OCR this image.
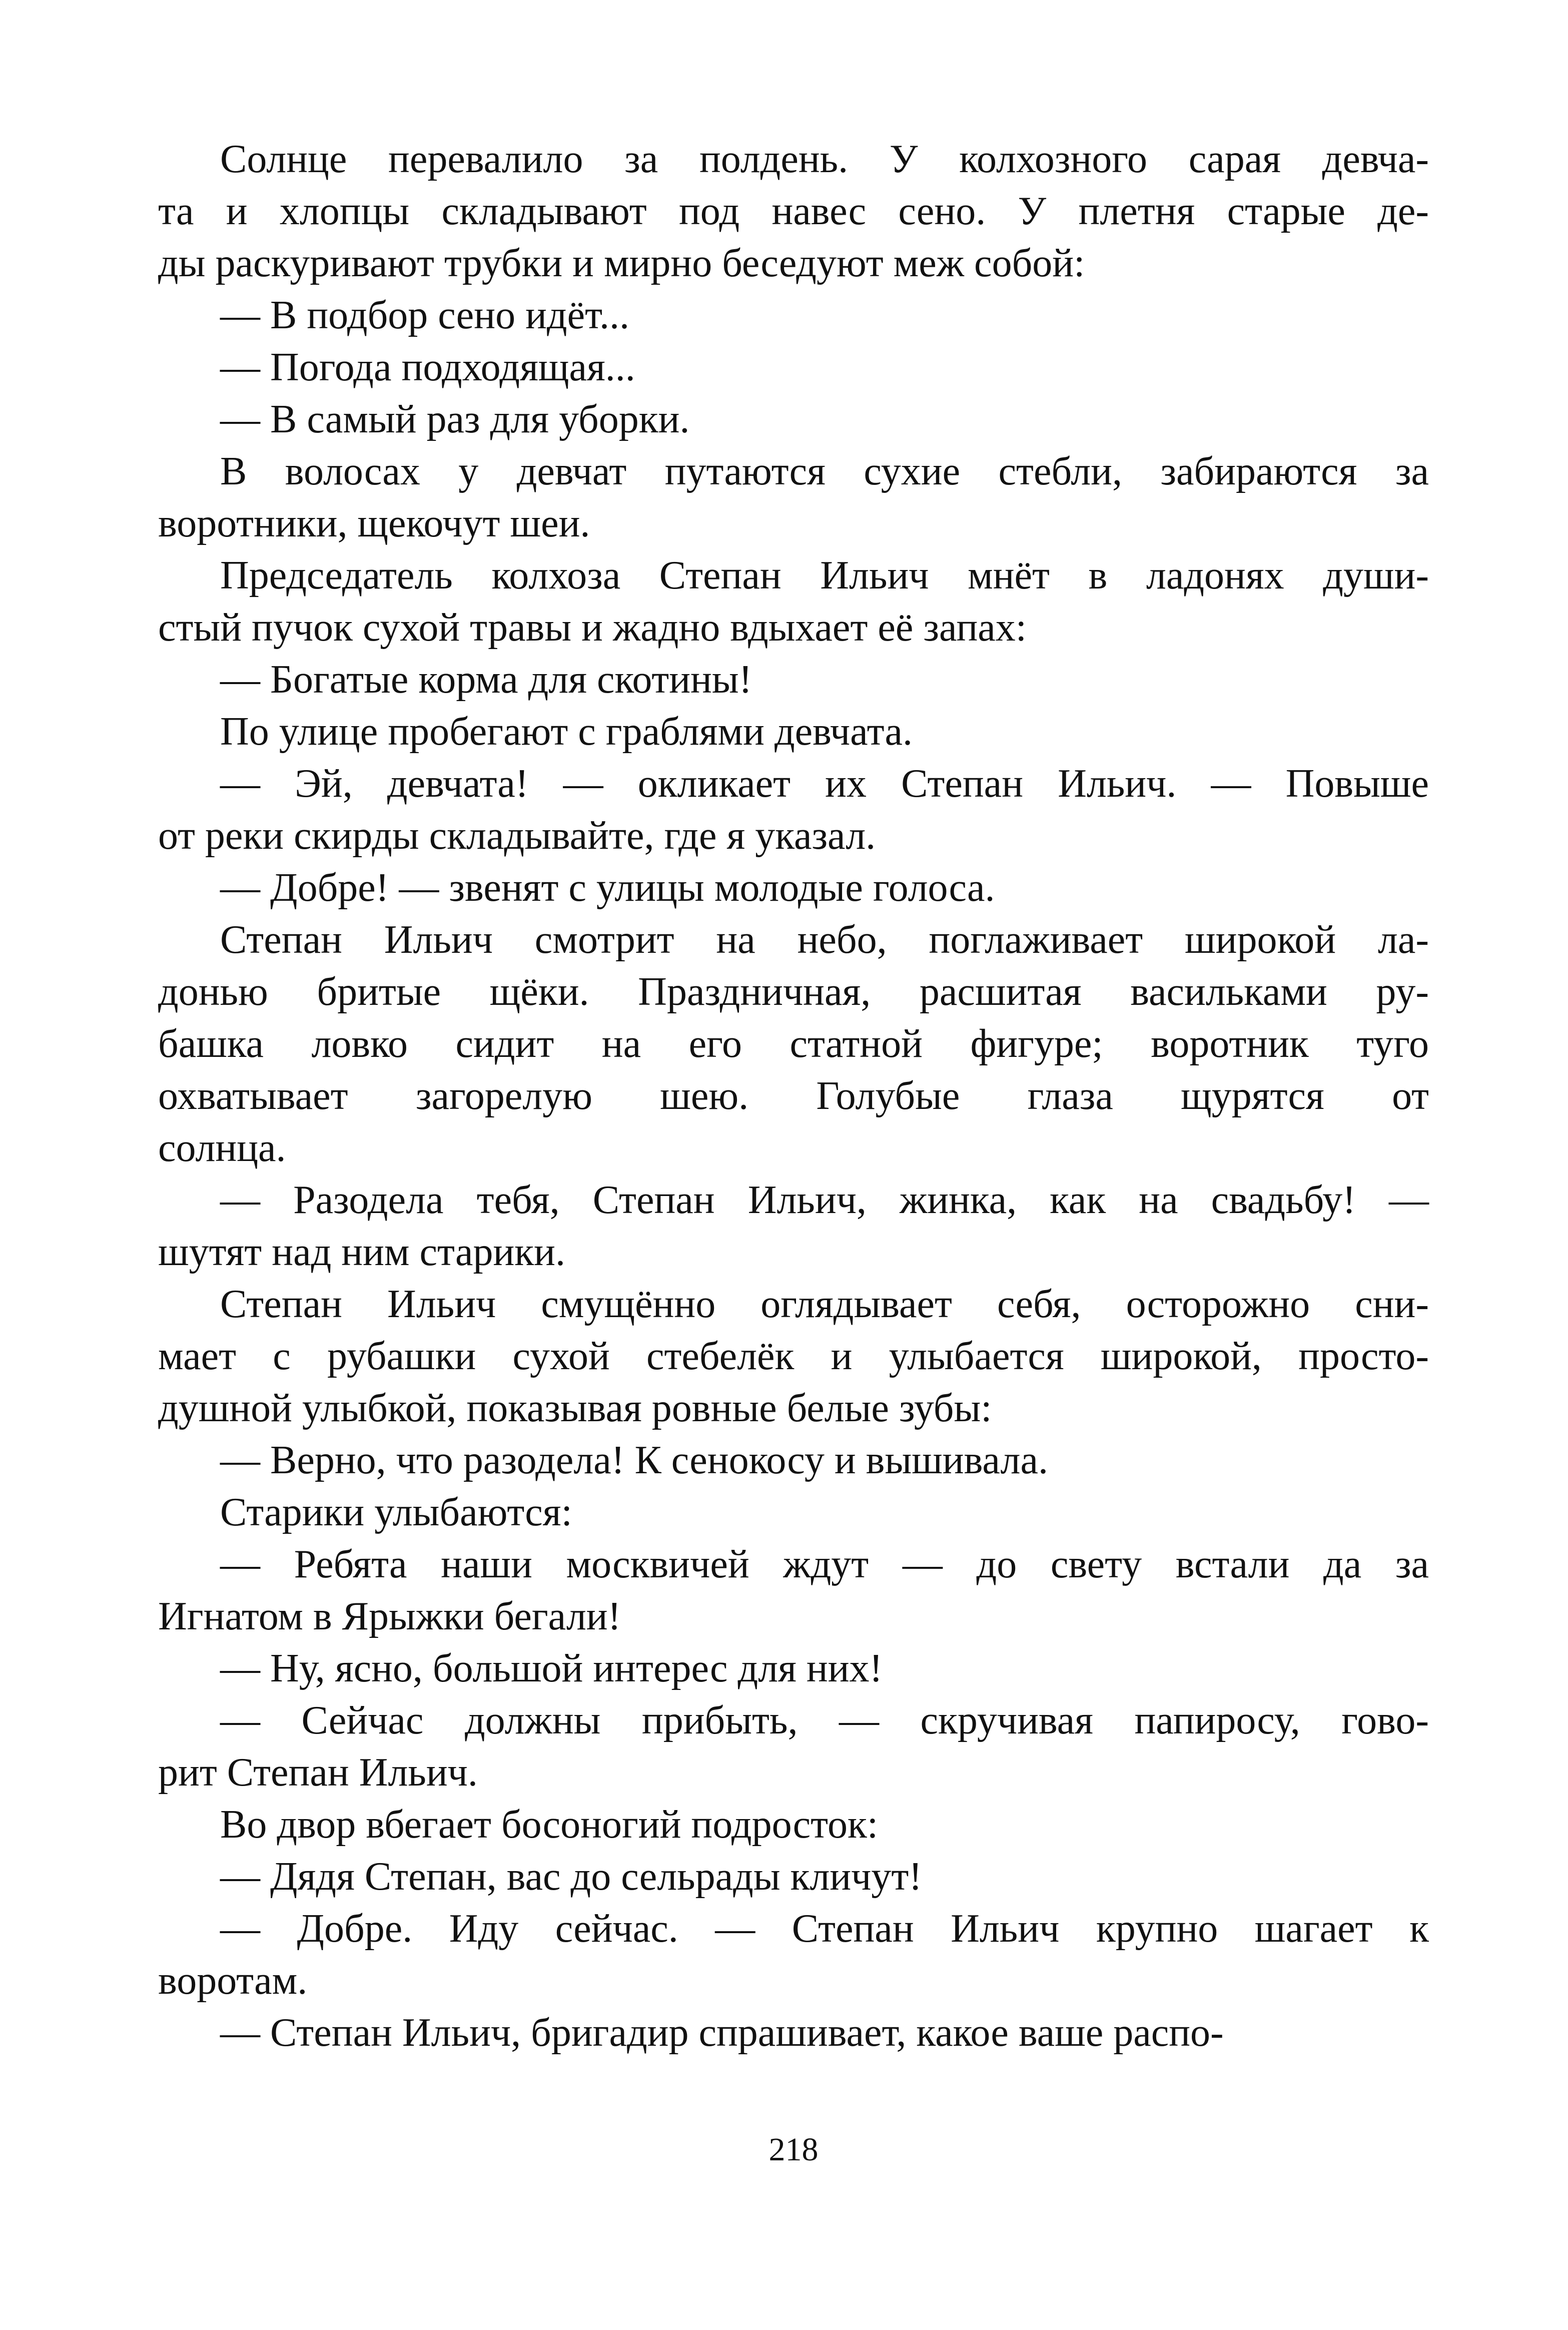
Солнце перевалило за полдень. У колхозного сарая девча-
та и хлопцы складывают под навес сено. У плетня старые де-
ды раскуривают трубки и мирно беседуют меж собой:
— В подбор сено идёт...
— Погода подходящая...
— В самый раз для уборки.
В волосах у девчат путаются сухие стебли, забираются за
воротники, щекочут шеи.
Председатель колхоза Степан Ильич мнёт в ладонях души-
стый пучок сухой травы и жадно вдыхает её запах:
— Богатые корма для скотины!
По улице пробегают с граблями девчата.
— Эй, девчата! — окликает их Степан Ильич. — Повыше
от реки скирды складывайте, где я указал.
— Добре! — звенят с улицы молодые голоса.
Степан Ильич смотрит на небо, поглаживает широкой ла-
донью бритые щёки. Праздничная, расшитая васильками ру-
башка ловко сидит на его статной фигуре; воротник туго
охватывает загорелую шею. Голубые глаза щурятся от
солнца.
— Разодела тебя, Степан Ильич, жинка, как на свадьбу! —
шутят над ним старики.
Степан Ильич смущённо оглядывает себя, осторожно сни-
мает с рубашки сухой стебелёк и улыбается широкой, просто-
душной улыбкой, показывая ровные белые зубы:
— Верно, что разодела! К сенокосу и вышивала.
Старики улыбаются:
— Ребята наши москвичей ждут — до свету встали да за
Игнатом в Ярыжки бегали!
— Ну, ясно, большой интерес для них!
— Сейчас должны прибыть, — скручивая папиросу, гово-
рит Степан Ильич.
Во двор вбегает босоногий подросток:
— Дядя Степан, вас до сельрады кличут!
— Добре. Иду сейчас. — Степан Ильич крупно шагает к
воротам.
— Степан Ильич, бригадир спрашивает, какое ваше распо-
218
